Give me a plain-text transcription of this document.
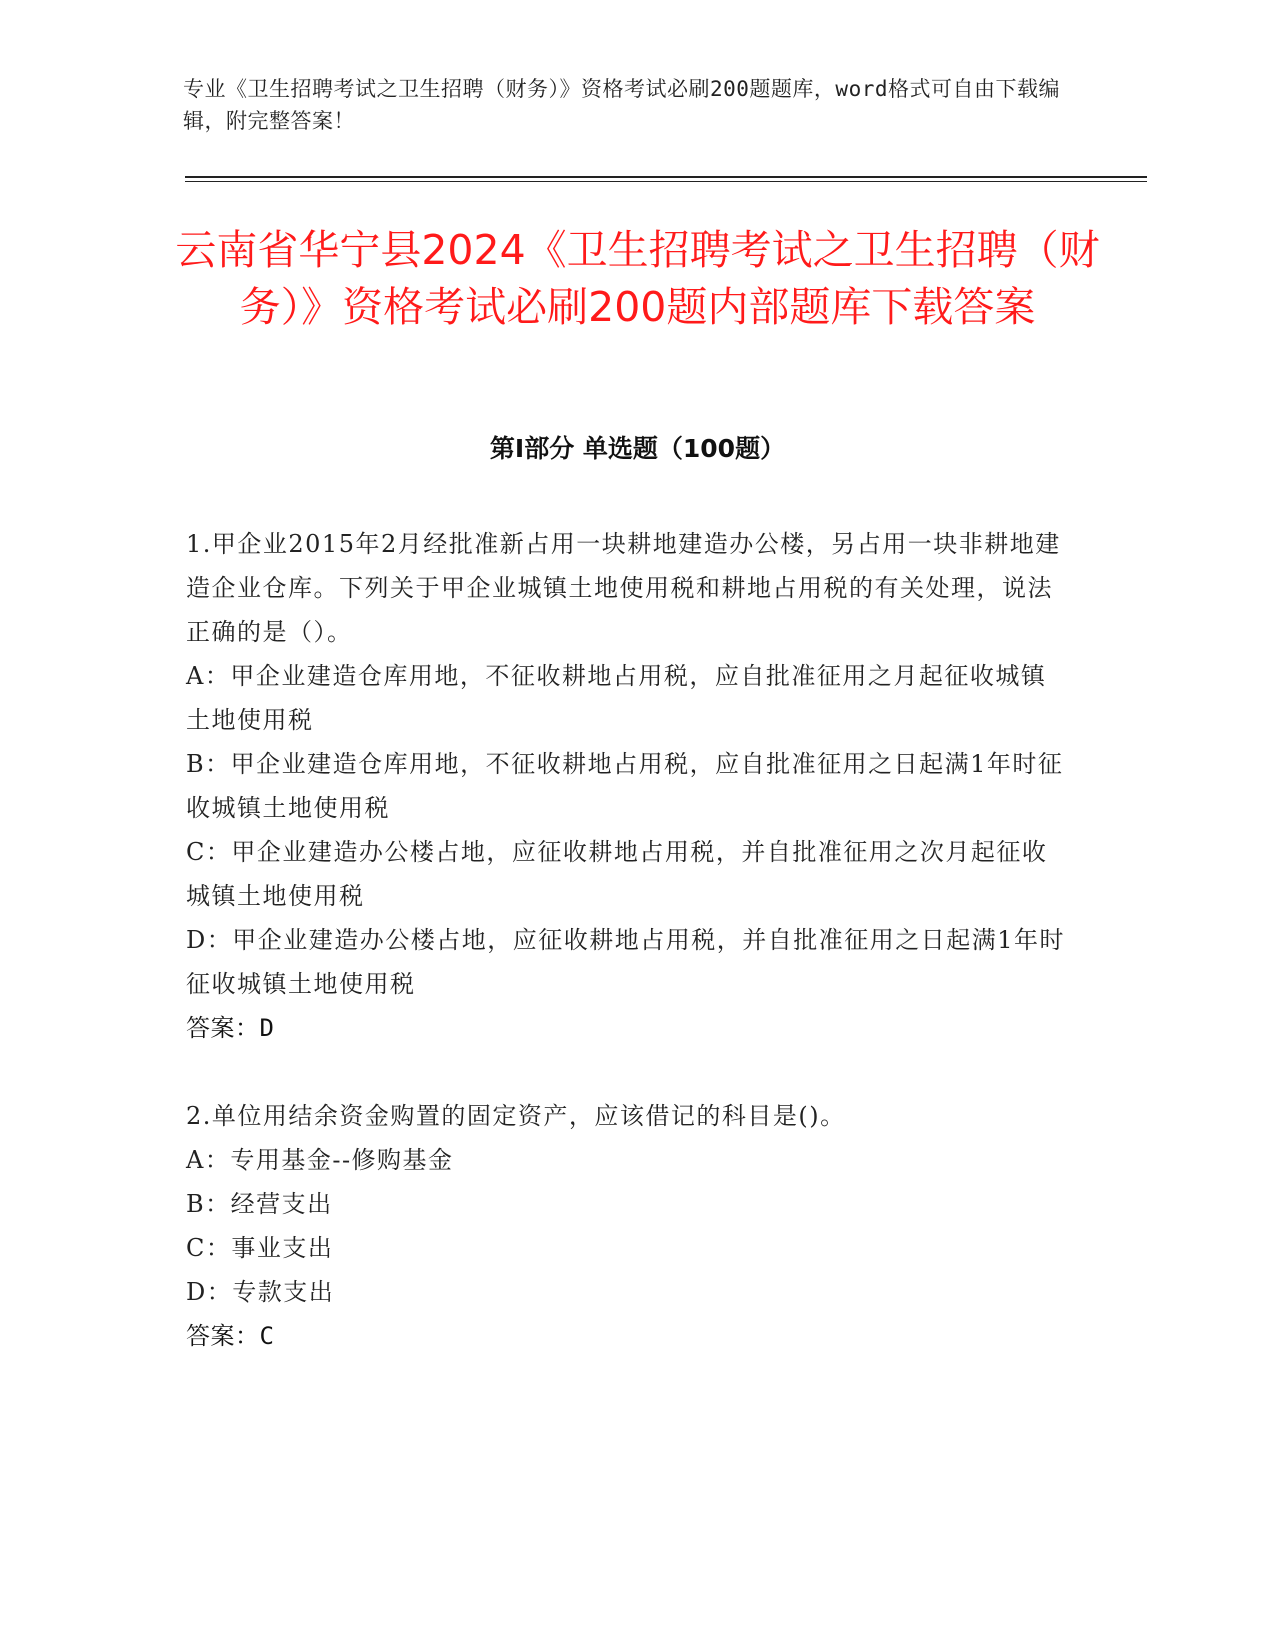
专业《卫生招聘考试之卫生招聘（财务）》资格考试必刷200题题库，word格式可自由下载编辑，附完整答案！
云南省华宁县2024《卫生招聘考试之卫生招聘（财务）》资格考试必刷200题内部题库下载答案
第I部分 单选题（100题）

1.甲企业2015年2月经批准新占用一块耕地建造办公楼，另占用一块非耕地建造企业仓库。下列关于甲企业城镇土地使用税和耕地占用税的有关处理，说法正确的是（）。

A：甲企业建造仓库用地，不征收耕地占用税，应自批准征用之月起征收城镇土地使用税

B：甲企业建造仓库用地，不征收耕地占用税，应自批准征用之日起满1年时征收城镇土地使用税

C：甲企业建造办公楼占地，应征收耕地占用税，并自批准征用之次月起征收城镇土地使用税

D：甲企业建造办公楼占地，应征收耕地占用税，并自批准征用之日起满1年时征收城镇土地使用税

答案：D

2.单位用结余资金购置的固定资产，应该借记的科目是()。

A：专用基金--修购基金

B：经营支出

C：事业支出

D：专款支出

答案：C
